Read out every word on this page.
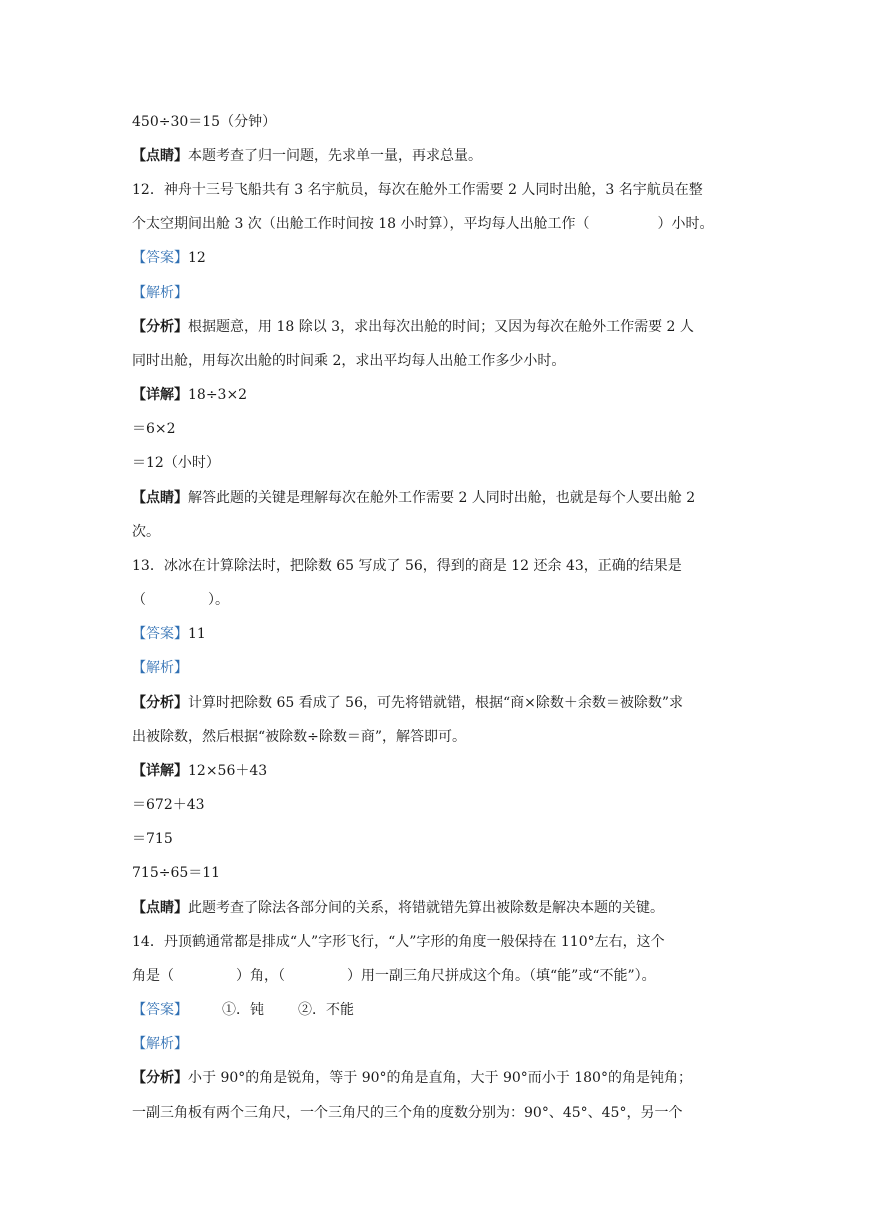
450÷30＝15（分钟）
【点睛】本题考查了归一问题，先求单一量，再求总量。
12．神舟十三号飞船共有 3 名宇航员，每次在舱外工作需要 2 人同时出舱，3 名宇航员在整
个太空期间出舱 3 次（出舱工作时间按 18 小时算），平均每人出舱工作（	）小时。
【答案】12
【解析】
【分析】根据题意，用 18 除以 3，求出每次出舱的时间；又因为每次在舱外工作需要 2 人
同时出舱，用每次出舱的时间乘 2，求出平均每人出舱工作多少小时。
【详解】18÷3×2
＝6×2
＝12（小时）
【点睛】解答此题的关键是理解每次在舱外工作需要 2 人同时出舱，也就是每个人要出舱 2
次。
13．冰冰在计算除法时，把除数 65 写成了 56，得到的商是 12 还余 43，正确的结果是
（	）。
【答案】11
【解析】
【分析】计算时把除数 65 看成了 56，可先将错就错，根据“商×除数＋余数＝被除数”求
出被除数，然后根据“被除数÷除数＝商”，解答即可。
【详解】12×56＋43
＝672＋43
＝715
715÷65＝11
【点睛】此题考查了除法各部分间的关系，将错就错先算出被除数是解决本题的关键。
14．丹顶鹤通常都是排成“人”字形飞行，“人”字形的角度一般保持在 110°左右，这个
角是（	）角，（	）用一副三角尺拼成这个角。（填“能”或“不能”）。
【答案】 ①．钝 ②．不能
【解析】
【分析】小于 90°的角是锐角，等于 90°的角是直角，大于 90°而小于 180°的角是钝角；
一副三角板有两个三角尺，一个三角尺的三个角的度数分别为：90°、45°、45°，另一个
